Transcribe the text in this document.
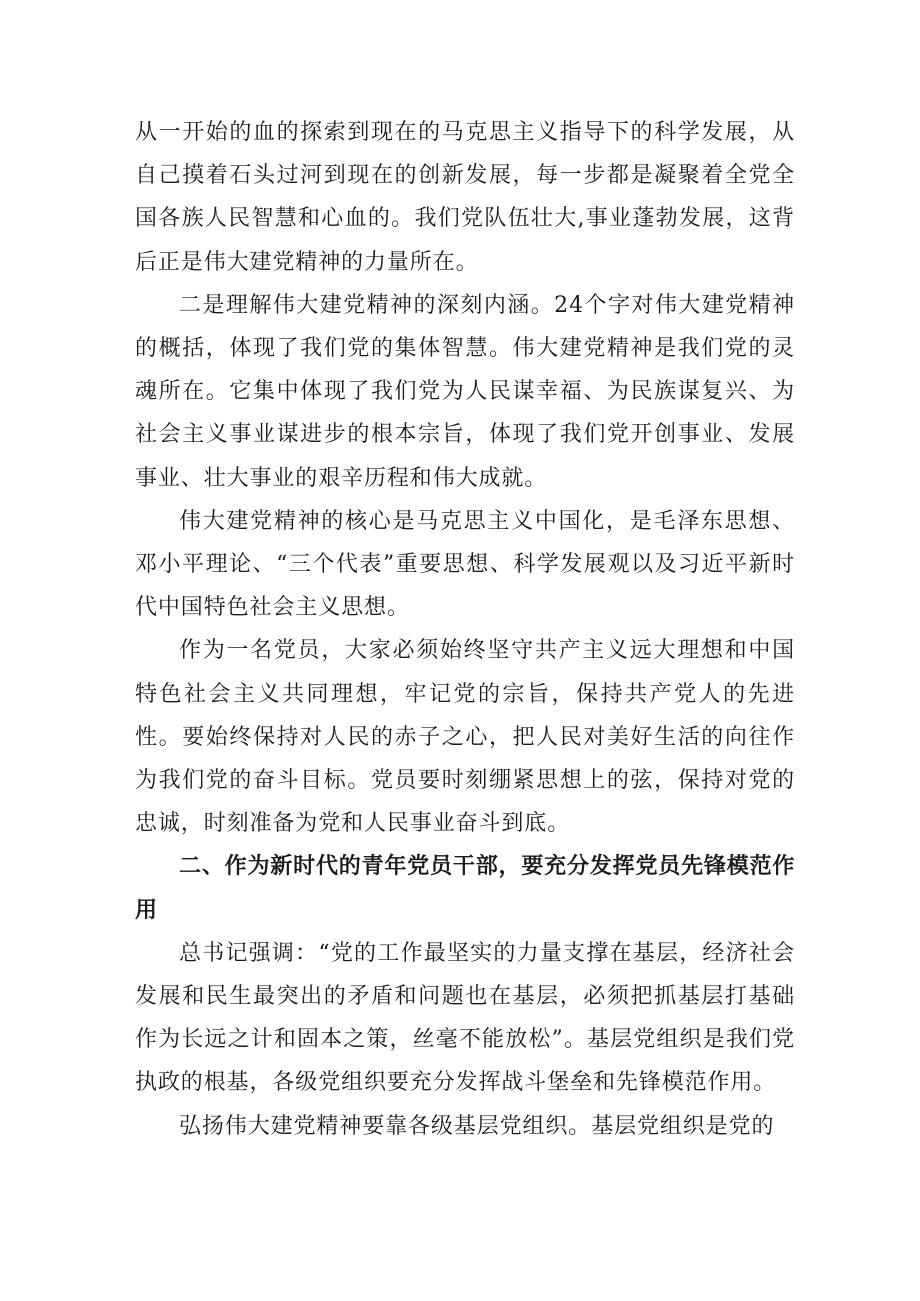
从一开始的血的探索到现在的马克思主义指导下的科学发展，从自己摸着石头过河到现在的创新发展，每一步都是凝聚着全党全国各族人民智慧和心血的。我们党队伍壮大,事业蓬勃发展，这背后正是伟大建党精神的力量所在。

二是理解伟大建党精神的深刻内涵。24个字对伟大建党精神的概括，体现了我们党的集体智慧。伟大建党精神是我们党的灵魂所在。它集中体现了我们党为人民谋幸福、为民族谋复兴、为社会主义事业谋进步的根本宗旨，体现了我们党开创事业、发展事业、壮大事业的艰辛历程和伟大成就。

伟大建党精神的核心是马克思主义中国化，是毛泽东思想、邓小平理论、“三个代表”重要思想、科学发展观以及习近平新时代中国特色社会主义思想。

作为一名党员，大家必须始终坚守共产主义远大理想和中国特色社会主义共同理想，牢记党的宗旨，保持共产党人的先进性。要始终保持对人民的赤子之心，把人民对美好生活的向往作为我们党的奋斗目标。党员要时刻绷紧思想上的弦，保持对党的忠诚，时刻准备为党和人民事业奋斗到底。

二、作为新时代的青年党员干部，要充分发挥党员先锋模范作用

总书记强调：“党的工作最坚实的力量支撑在基层，经济社会发展和民生最突出的矛盾和问题也在基层，必须把抓基层打基础作为长远之计和固本之策，丝毫不能放松”。基层党组织是我们党执政的根基，各级党组织要充分发挥战斗堡垒和先锋模范作用。

弘扬伟大建党精神要靠各级基层党组织。基层党组织是党的
